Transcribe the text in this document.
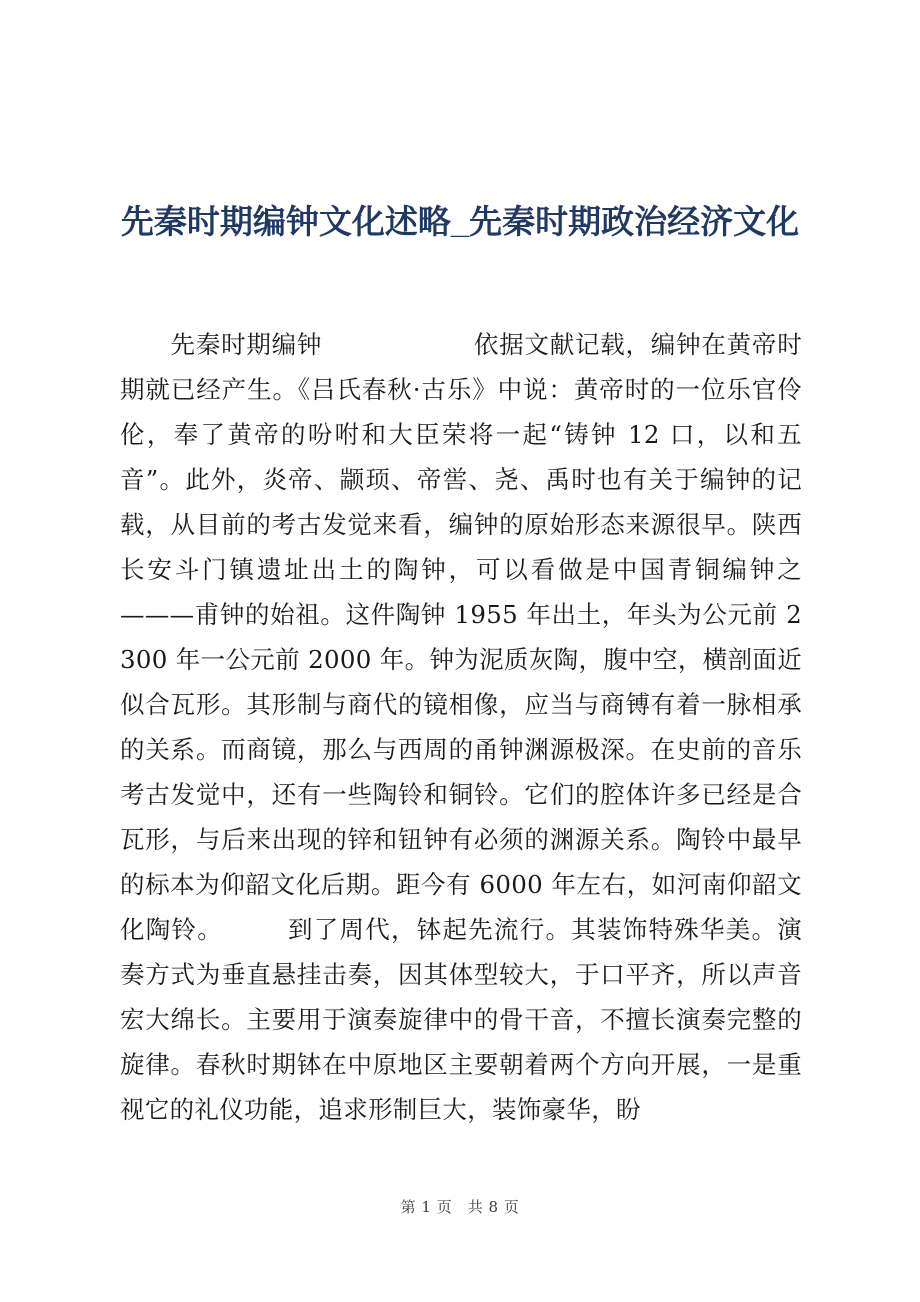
先秦时期编钟文化述略_先秦时期政治经济文化

　　先秦时期编钟　　　　　　依据文献记载，编钟在黄帝时期就已经产生。《吕氏春秋·古乐》中说：黄帝时的一位乐官伶伦，奉了黄帝的吩咐和大臣荣将一起“铸钟 12 口，以和五音”。此外，炎帝、颛顼、帝喾、尧、禹时也有关于编钟的记载，从目前的考古发觉来看，编钟的原始形态来源很早。陕西长安斗门镇遗址出土的陶钟，可以看做是中国青铜编钟之———甫钟的始祖。这件陶钟 1955 年出土，年头为公元前 2300 年一公元前 2000 年。钟为泥质灰陶，腹中空，横剖面近似合瓦形。其形制与商代的镜相像，应当与商镈有着一脉相承的关系。而商镜，那么与西周的甬钟渊源极深。在史前的音乐考古发觉中，还有一些陶铃和铜铃。它们的腔体许多已经是合瓦形，与后来出现的锌和钮钟有必须的渊源关系。陶铃中最早的标本为仰韶文化后期。距今有 6000 年左右，如河南仰韶文化陶铃。　　　到了周代，钵起先流行。其装饰特殊华美。演奏方式为垂直悬挂击奏，因其体型较大，于口平齐，所以声音宏大绵长。主要用于演奏旋律中的骨干音，不擅长演奏完整的旋律。春秋时期钵在中原地区主要朝着两个方向开展，一是重视它的礼仪功能，追求形制巨大，装饰豪华，盼

第 1 页　共 8 页
